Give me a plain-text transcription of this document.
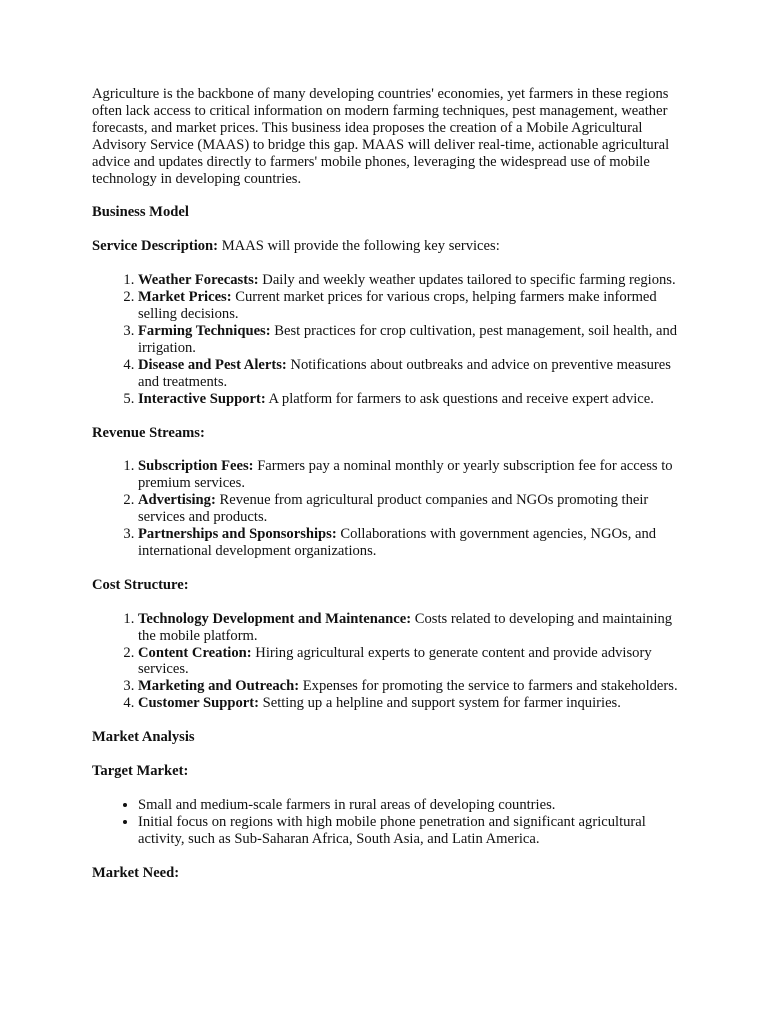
Agriculture is the backbone of many developing countries' economies, yet farmers in these regions often lack access to critical information on modern farming techniques, pest management, weather forecasts, and market prices. This business idea proposes the creation of a Mobile Agricultural Advisory Service (MAAS) to bridge this gap. MAAS will deliver real-time, actionable agricultural advice and updates directly to farmers' mobile phones, leveraging the widespread use of mobile technology in developing countries.

Business Model

Service Description: MAAS will provide the following key services:

1. Weather Forecasts: Daily and weekly weather updates tailored to specific farming regions.
2. Market Prices: Current market prices for various crops, helping farmers make informed selling decisions.
3. Farming Techniques: Best practices for crop cultivation, pest management, soil health, and irrigation.
4. Disease and Pest Alerts: Notifications about outbreaks and advice on preventive measures and treatments.
5. Interactive Support: A platform for farmers to ask questions and receive expert advice.

Revenue Streams:

1. Subscription Fees: Farmers pay a nominal monthly or yearly subscription fee for access to premium services.
2. Advertising: Revenue from agricultural product companies and NGOs promoting their services and products.
3. Partnerships and Sponsorships: Collaborations with government agencies, NGOs, and international development organizations.

Cost Structure:

1. Technology Development and Maintenance: Costs related to developing and maintaining the mobile platform.
2. Content Creation: Hiring agricultural experts to generate content and provide advisory services.
3. Marketing and Outreach: Expenses for promoting the service to farmers and stakeholders.
4. Customer Support: Setting up a helpline and support system for farmer inquiries.

Market Analysis

Target Market:

• Small and medium-scale farmers in rural areas of developing countries.
• Initial focus on regions with high mobile phone penetration and significant agricultural activity, such as Sub-Saharan Africa, South Asia, and Latin America.

Market Need:
